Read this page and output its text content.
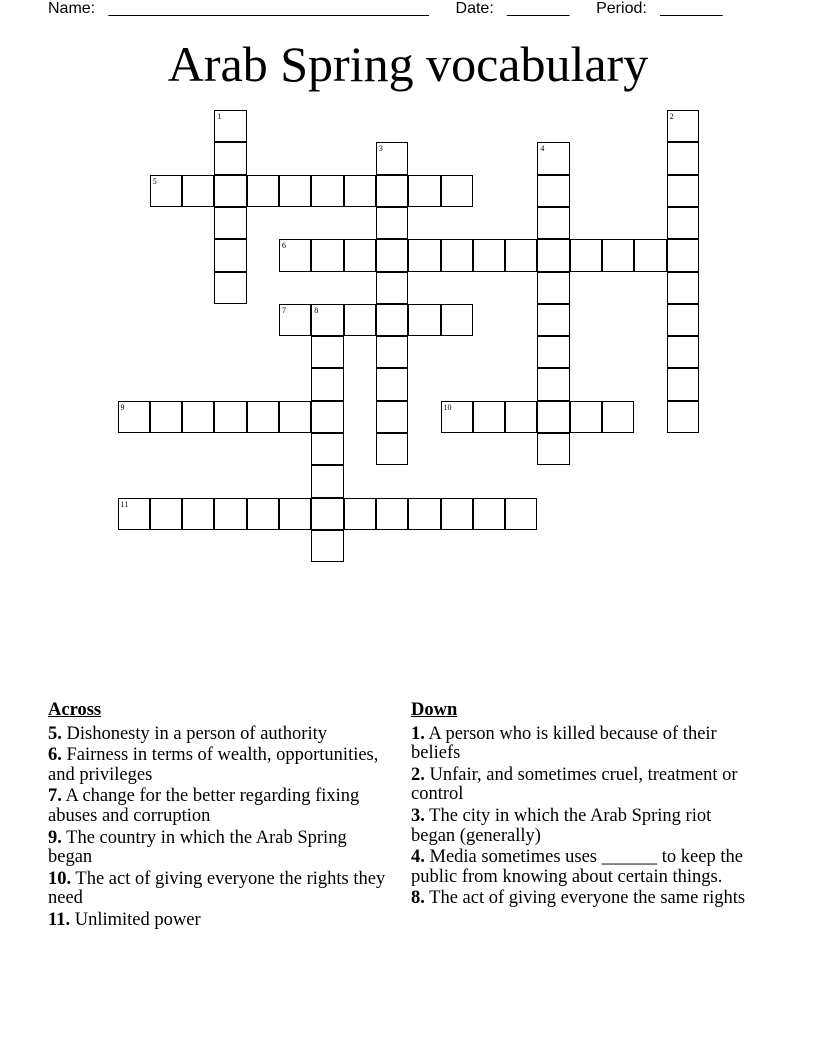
Name: ____________________________________ Date: _______ Period: _______
Arab Spring vocabulary
5
6
7	8
9	10
11
1	2
3	4
Across
5. Dishonesty in a person of authority
6. Fairness in terms of wealth, opportunities, and privileges
7. A change for the better regarding fixing abuses and corruption
9. The country in which the Arab Spring began
10. The act of giving everyone the rights they need
11. Unlimited power
Down
1. A person who is killed because of their beliefs
2. Unfair, and sometimes cruel, treatment or control
3. The city in which the Arab Spring riot began (generally)
4. Media sometimes uses ______ to keep the public from knowing about certain things.
8. The act of giving everyone the same rights
